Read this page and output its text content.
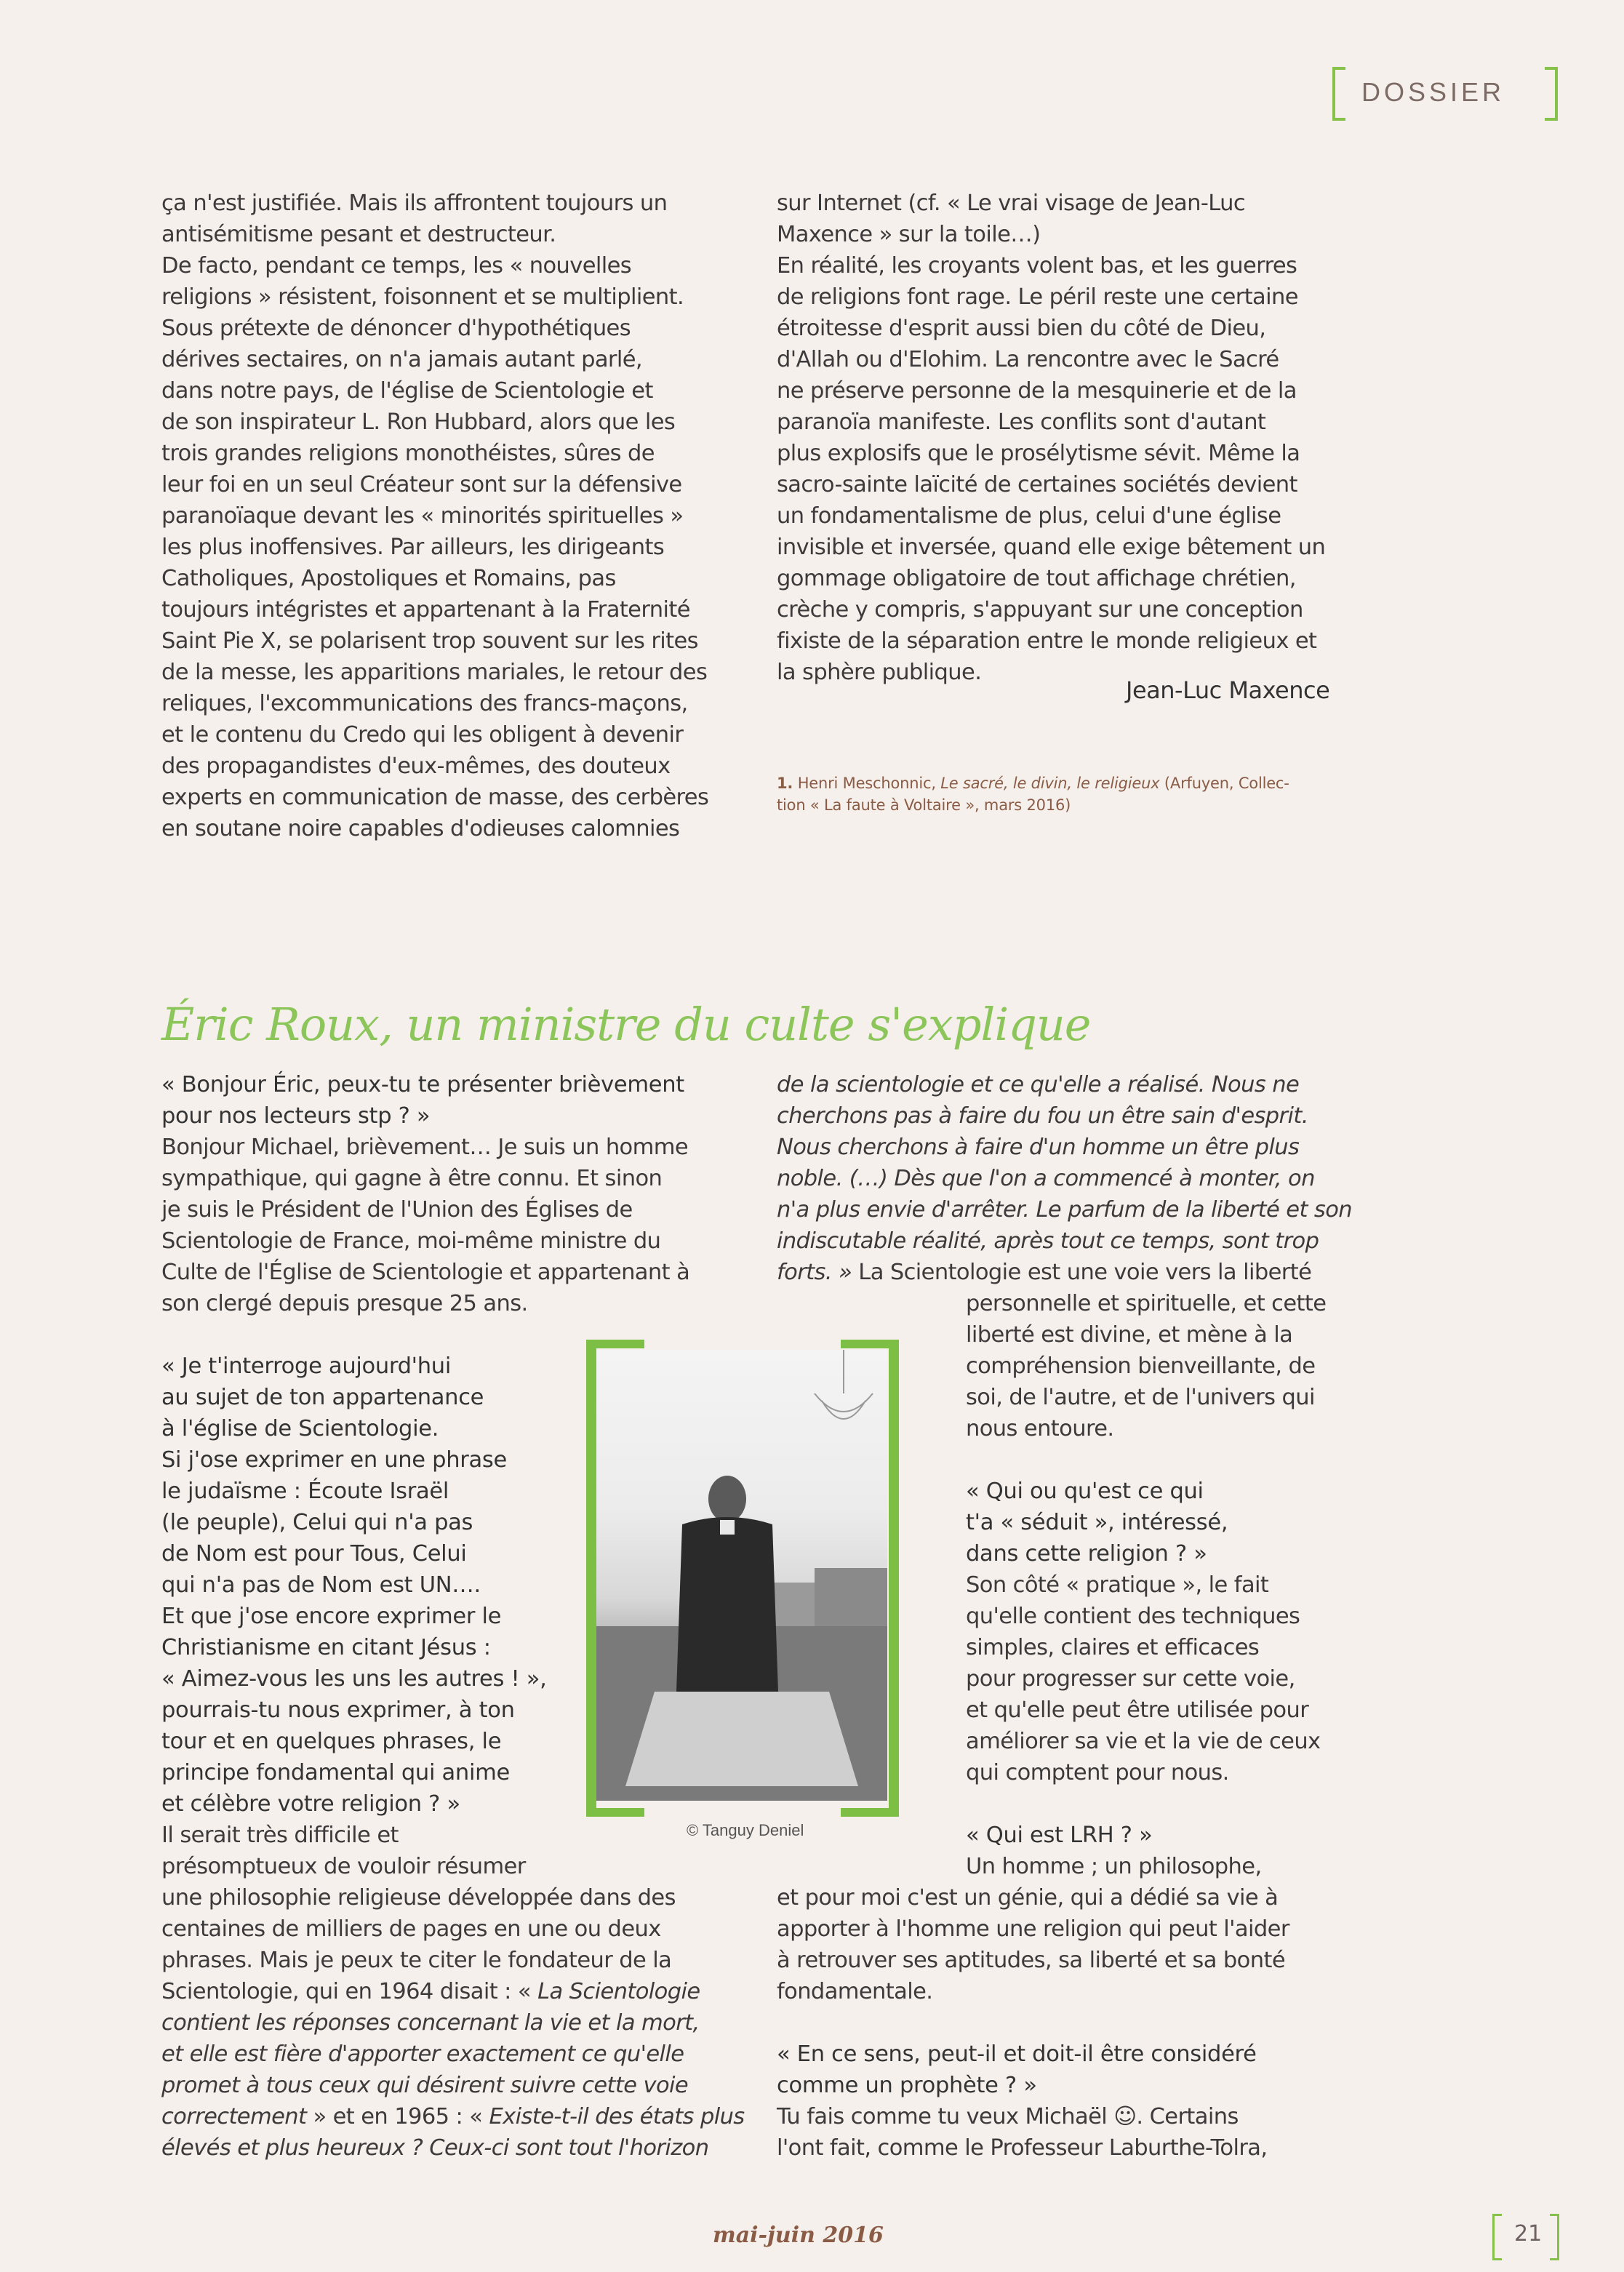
DOSSIER
ça n'est justifiée. Mais ils affrontent toujours un
antisémitisme pesant et destructeur.
De facto, pendant ce temps, les « nouvelles
religions » résistent, foisonnent et se multiplient.
Sous prétexte de dénoncer d'hypothétiques
dérives sectaires, on n'a jamais autant parlé,
dans notre pays, de l'église de Scientologie et
de son inspirateur L. Ron Hubbard, alors que les
trois grandes religions monothéistes, sûres de
leur foi en un seul Créateur sont sur la défensive
paranoïaque devant les « minorités spirituelles »
les plus inoffensives. Par ailleurs, les dirigeants
Catholiques, Apostoliques et Romains, pas
toujours intégristes et appartenant à la Fraternité
Saint Pie X, se polarisent trop souvent sur les rites
de la messe, les apparitions mariales, le retour des
reliques, l'excommunications des francs-maçons,
et le contenu du Credo qui les obligent à devenir
des propagandistes d'eux-mêmes, des douteux
experts en communication de masse, des cerbères
en soutane noire capables d'odieuses calomnies
sur Internet (cf. « Le vrai visage de Jean-Luc
Maxence » sur la toile…)
En réalité, les croyants volent bas, et les guerres
de religions font rage. Le péril reste une certaine
étroitesse d'esprit aussi bien du côté de Dieu,
d'Allah ou d'Elohim. La rencontre avec le Sacré
ne préserve personne de la mesquinerie et de la
paranoïa manifeste. Les conflits sont d'autant
plus explosifs que le prosélytisme sévit. Même la
sacro-sainte laïcité de certaines sociétés devient
un fondamentalisme de plus, celui d'une église
invisible et inversée, quand elle exige bêtement un
gommage obligatoire de tout affichage chrétien,
crèche y compris, s'appuyant sur une conception
fixiste de la séparation entre le monde religieux et
la sphère publique.
Jean-Luc Maxence
1. Henri Meschonnic, Le sacré, le divin, le religieux (Arfuyen, Collec-
tion « La faute à Voltaire », mars 2016)
Éric Roux, un ministre du culte s'explique
« Bonjour Éric, peux-tu te présenter brièvement
pour nos lecteurs stp ? »
Bonjour Michael, brièvement… Je suis un homme
sympathique, qui gagne à être connu. Et sinon
je suis le Président de l'Union des Églises de
Scientologie de France, moi-même ministre du
Culte de l'Église de Scientologie et appartenant à
son clergé depuis presque 25 ans.
« Je t'interroge aujourd'hui
au sujet de ton appartenance
à l'église de Scientologie.
Si j'ose exprimer en une phrase
le judaïsme : Écoute Israël
(le peuple), Celui qui n'a pas
de Nom est pour Tous, Celui
qui n'a pas de Nom est UN….
Et que j'ose encore exprimer le
Christianisme en citant Jésus :
« Aimez-vous les uns les autres ! »,
pourrais-tu nous exprimer, à ton
tour et en quelques phrases, le
principe fondamental qui anime
et célèbre votre religion ? »
Il serait très difficile et
présomptueux de vouloir résumer
une philosophie religieuse développée dans des
centaines de milliers de pages en une ou deux
phrases. Mais je peux te citer le fondateur de la
Scientologie, qui en 1964 disait : « La Scientologie
contient les réponses concernant la vie et la mort,
et elle est fière d'apporter exactement ce qu'elle
promet à tous ceux qui désirent suivre cette voie
correctement » et en 1965 : « Existe-t-il des états plus
élevés et plus heureux ? Ceux-ci sont tout l'horizon
© Tanguy Deniel
de la scientologie et ce qu'elle a réalisé. Nous ne
cherchons pas à faire du fou un être sain d'esprit.
Nous cherchons à faire d'un homme un être plus
noble. (…) Dès que l'on a commencé à monter, on
n'a plus envie d'arrêter. Le parfum de la liberté et son
indiscutable réalité, après tout ce temps, sont trop
forts. » La Scientologie est une voie vers la liberté
personnelle et spirituelle, et cette
liberté est divine, et mène à la
compréhension bienveillante, de
soi, de l'autre, et de l'univers qui
nous entoure.
« Qui ou qu'est ce qui
t'a « séduit », intéressé,
dans cette religion ? »
Son côté « pratique », le fait
qu'elle contient des techniques
simples, claires et efficaces
pour progresser sur cette voie,
et qu'elle peut être utilisée pour
améliorer sa vie et la vie de ceux
qui comptent pour nous.
« Qui est LRH ? »
Un homme ; un philosophe,
et pour moi c'est un génie, qui a dédié sa vie à
apporter à l'homme une religion qui peut l'aider
à retrouver ses aptitudes, sa liberté et sa bonté
fondamentale.
« En ce sens, peut-il et doit-il être considéré
comme un prophète ? »
Tu fais comme tu veux Michaël ☺. Certains
l'ont fait, comme le Professeur Laburthe-Tolra,
mai-juin 2016	21
